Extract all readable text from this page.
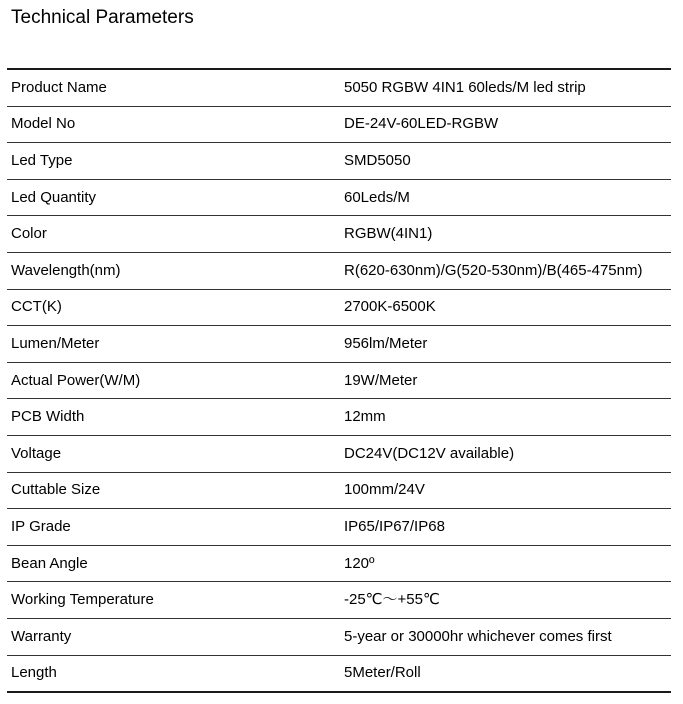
Technical Parameters
Product Name	5050 RGBW 4IN1 60leds/M led strip
Model No	DE-24V-60LED-RGBW
Led Type	SMD5050
Led Quantity	60Leds/M
Color	RGBW(4IN1)
Wavelength(nm)	R(620-630nm)/G(520-530nm)/B(465-475nm)
CCT(K)	2700K-6500K
Lumen/Meter	956lm/Meter
Actual Power(W/M)	19W/Meter
PCB Width	12mm
Voltage	DC24V(DC12V available)
Cuttable Size	100mm/24V
IP Grade	IP65/IP67/IP68
Bean Angle	120º
Working Temperature	-25℃～+55℃
Warranty	5-year or 30000hr whichever comes first
Length	5Meter/Roll
